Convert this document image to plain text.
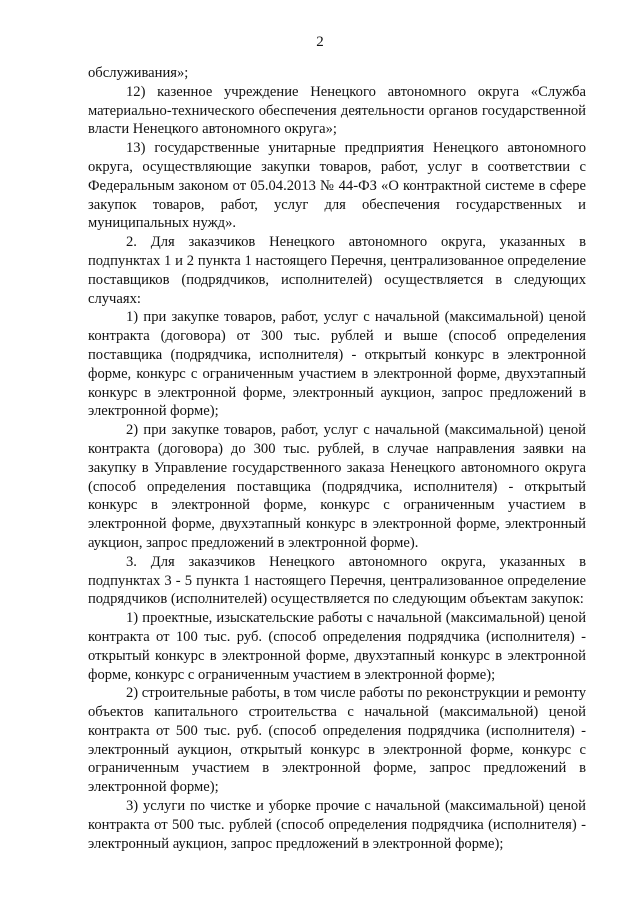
2

обслуживания»;

12) казенное учреждение Ненецкого автономного округа «Служба материально-технического обеспечения деятельности органов государственной власти Ненецкого автономного округа»;

13) государственные унитарные предприятия Ненецкого автономного округа, осуществляющие закупки товаров, работ, услуг в соответствии с Федеральным законом от 05.04.2013 № 44-ФЗ «О контрактной системе в сфере закупок товаров, работ, услуг для обеспечения государственных и муниципальных нужд».

2. Для заказчиков Ненецкого автономного округа, указанных в подпунктах 1 и 2 пункта 1 настоящего Перечня, централизованное определение поставщиков (подрядчиков, исполнителей) осуществляется в следующих случаях:

1) при закупке товаров, работ, услуг с начальной (максимальной) ценой контракта (договора) от 300 тыс. рублей и выше (способ определения поставщика (подрядчика, исполнителя) - открытый конкурс в электронной форме, конкурс с ограниченным участием в электронной форме, двухэтапный конкурс в электронной форме, электронный аукцион, запрос предложений в электронной форме);

2) при закупке товаров, работ, услуг с начальной (максимальной) ценой контракта (договора) до 300 тыс. рублей, в случае направления заявки на закупку в Управление государственного заказа Ненецкого автономного округа (способ определения поставщика (подрядчика, исполнителя) - открытый конкурс в электронной форме, конкурс с ограниченным участием в электронной форме, двухэтапный конкурс в электронной форме, электронный аукцион, запрос предложений в электронной форме).

3. Для заказчиков Ненецкого автономного округа, указанных в подпунктах 3 - 5 пункта 1 настоящего Перечня, централизованное определение подрядчиков (исполнителей) осуществляется по следующим объектам закупок:

1) проектные, изыскательские работы с начальной (максимальной) ценой контракта от 100 тыс. руб. (способ определения подрядчика (исполнителя) - открытый конкурс в электронной форме, двухэтапный конкурс в электронной форме, конкурс с ограниченным участием в электронной форме);

2) строительные работы, в том числе работы по реконструкции и ремонту объектов капитального строительства с начальной (максимальной) ценой контракта от 500 тыс. руб. (способ определения подрядчика (исполнителя) - электронный аукцион, открытый конкурс в электронной форме, конкурс с ограниченным участием в электронной форме, запрос предложений в электронной форме);

3) услуги по чистке и уборке прочие с начальной (максимальной) ценой контракта от 500 тыс. рублей (способ определения подрядчика (исполнителя) - электронный аукцион, запрос предложений в электронной форме);
